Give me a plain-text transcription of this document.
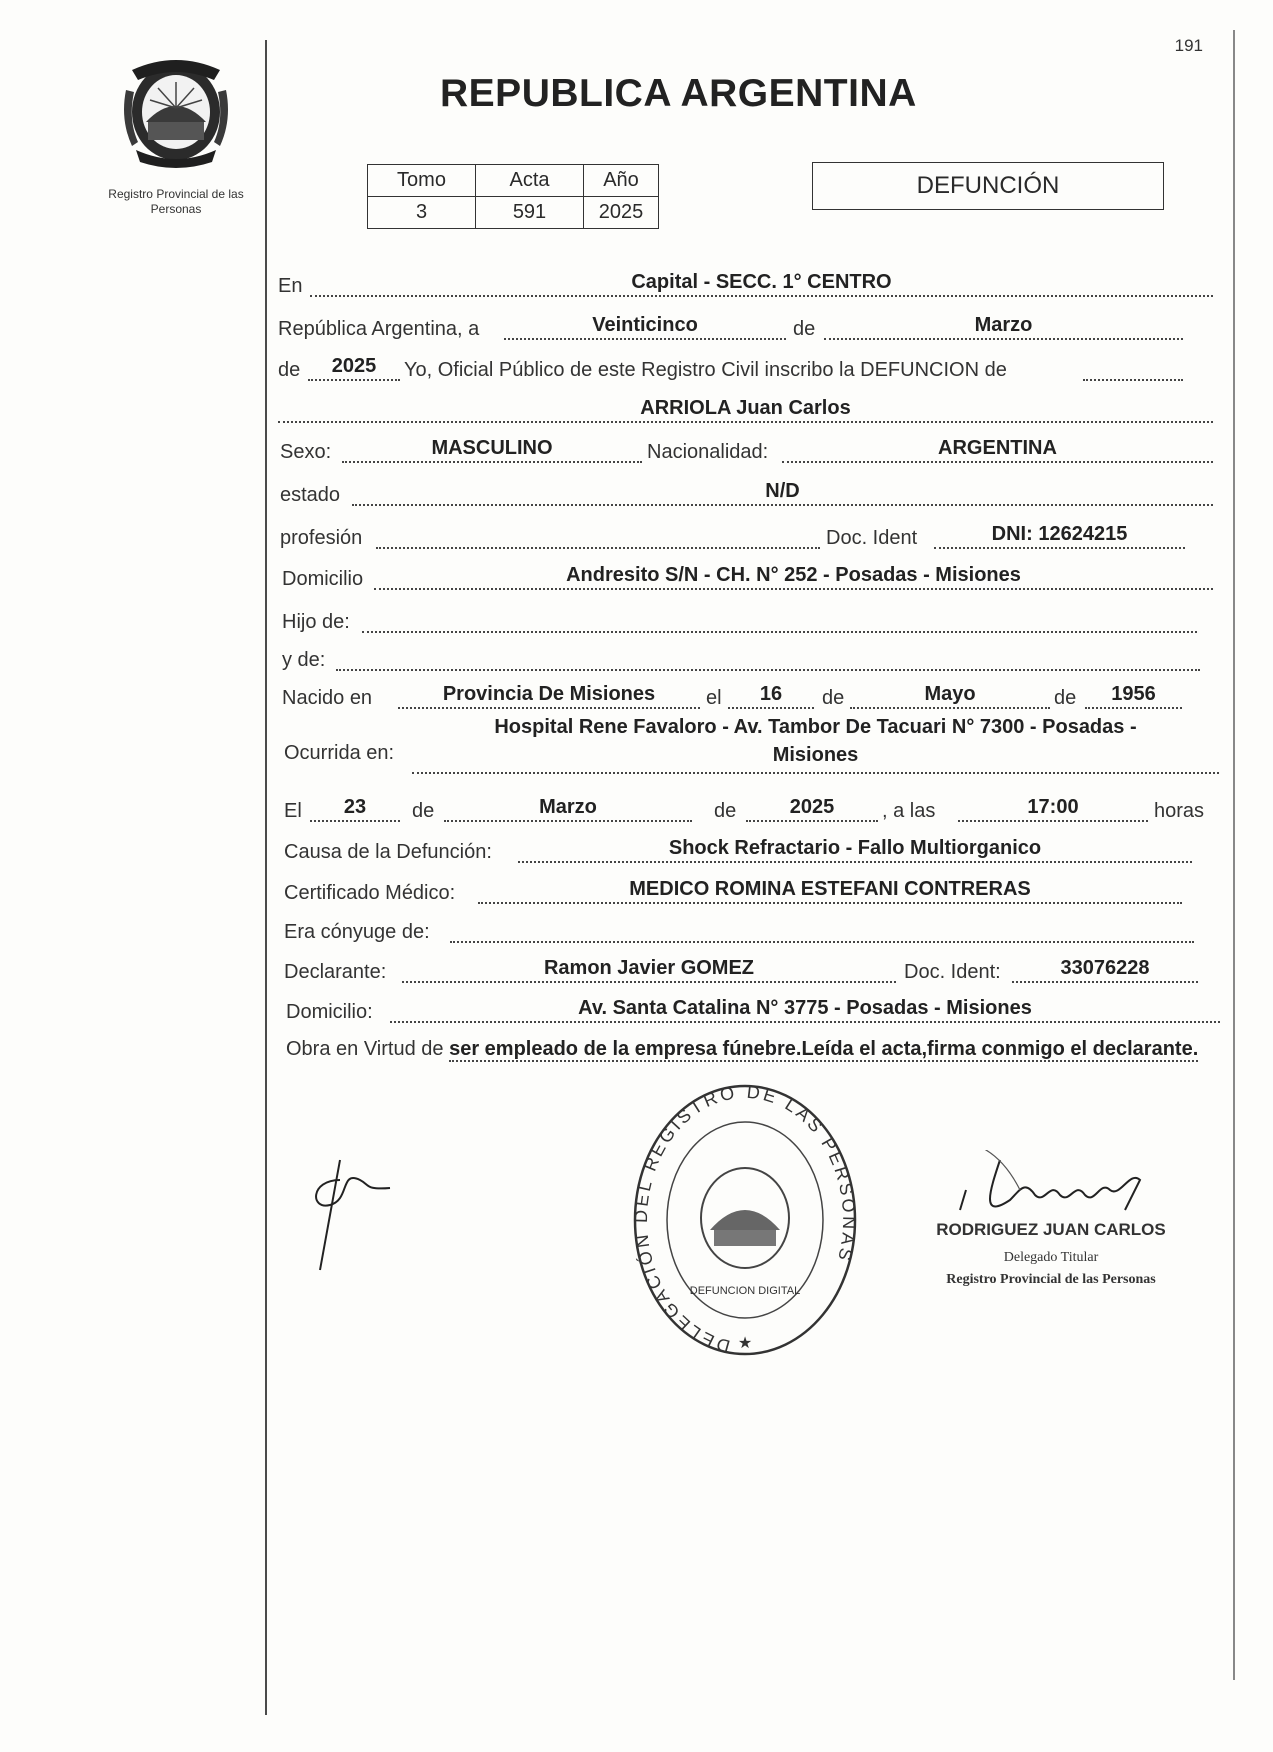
Registro Provincial de las Personas
191
REPUBLICA ARGENTINA
Tomo	Acta	Año
3	591	2025
DEFUNCIÓN
En	Capital - SECC. 1° CENTRO
República Argentina, a	Veinticinco	de	Marzo
de	2025	Yo, Oficial Público de este Registro Civil inscribo la DEFUNCION de
ARRIOLA Juan Carlos
Sexo:	MASCULINO	Nacionalidad:	ARGENTINA
estado	N/D
profesión	Doc. Ident	DNI: 12624215
Domicilio	Andresito S/N - CH. N° 252 - Posadas - Misiones
Hijo de:
y de:
Nacido en	Provincia De Misiones	el	16	de	Mayo	de	1956
Ocurrida en:
Hospital Rene Favaloro - Av. Tambor De Tacuari N° 7300 - Posadas -
Misiones
El	23	de	Marzo	de	2025	, a las	17:00	horas
Causa de la Defunción:	Shock Refractario - Fallo Multiorganico
Certificado Médico:	MEDICO ROMINA ESTEFANI CONTRERAS
Era cónyuge de:
Declarante:	Ramon Javier GOMEZ	Doc. Ident:	33076228
Domicilio:	Av. Santa Catalina N° 3775 - Posadas - Misiones
Obra en Virtud de ser empleado de la empresa fúnebre.Leída el acta,firma conmigo el declarante.
DELEGACIÓN DEL REGISTRO DE LAS PERSONAS
DEFUNCION DIGITAL
★
RODRIGUEZ JUAN CARLOS
Delegado Titular
Registro Provincial de las Personas
